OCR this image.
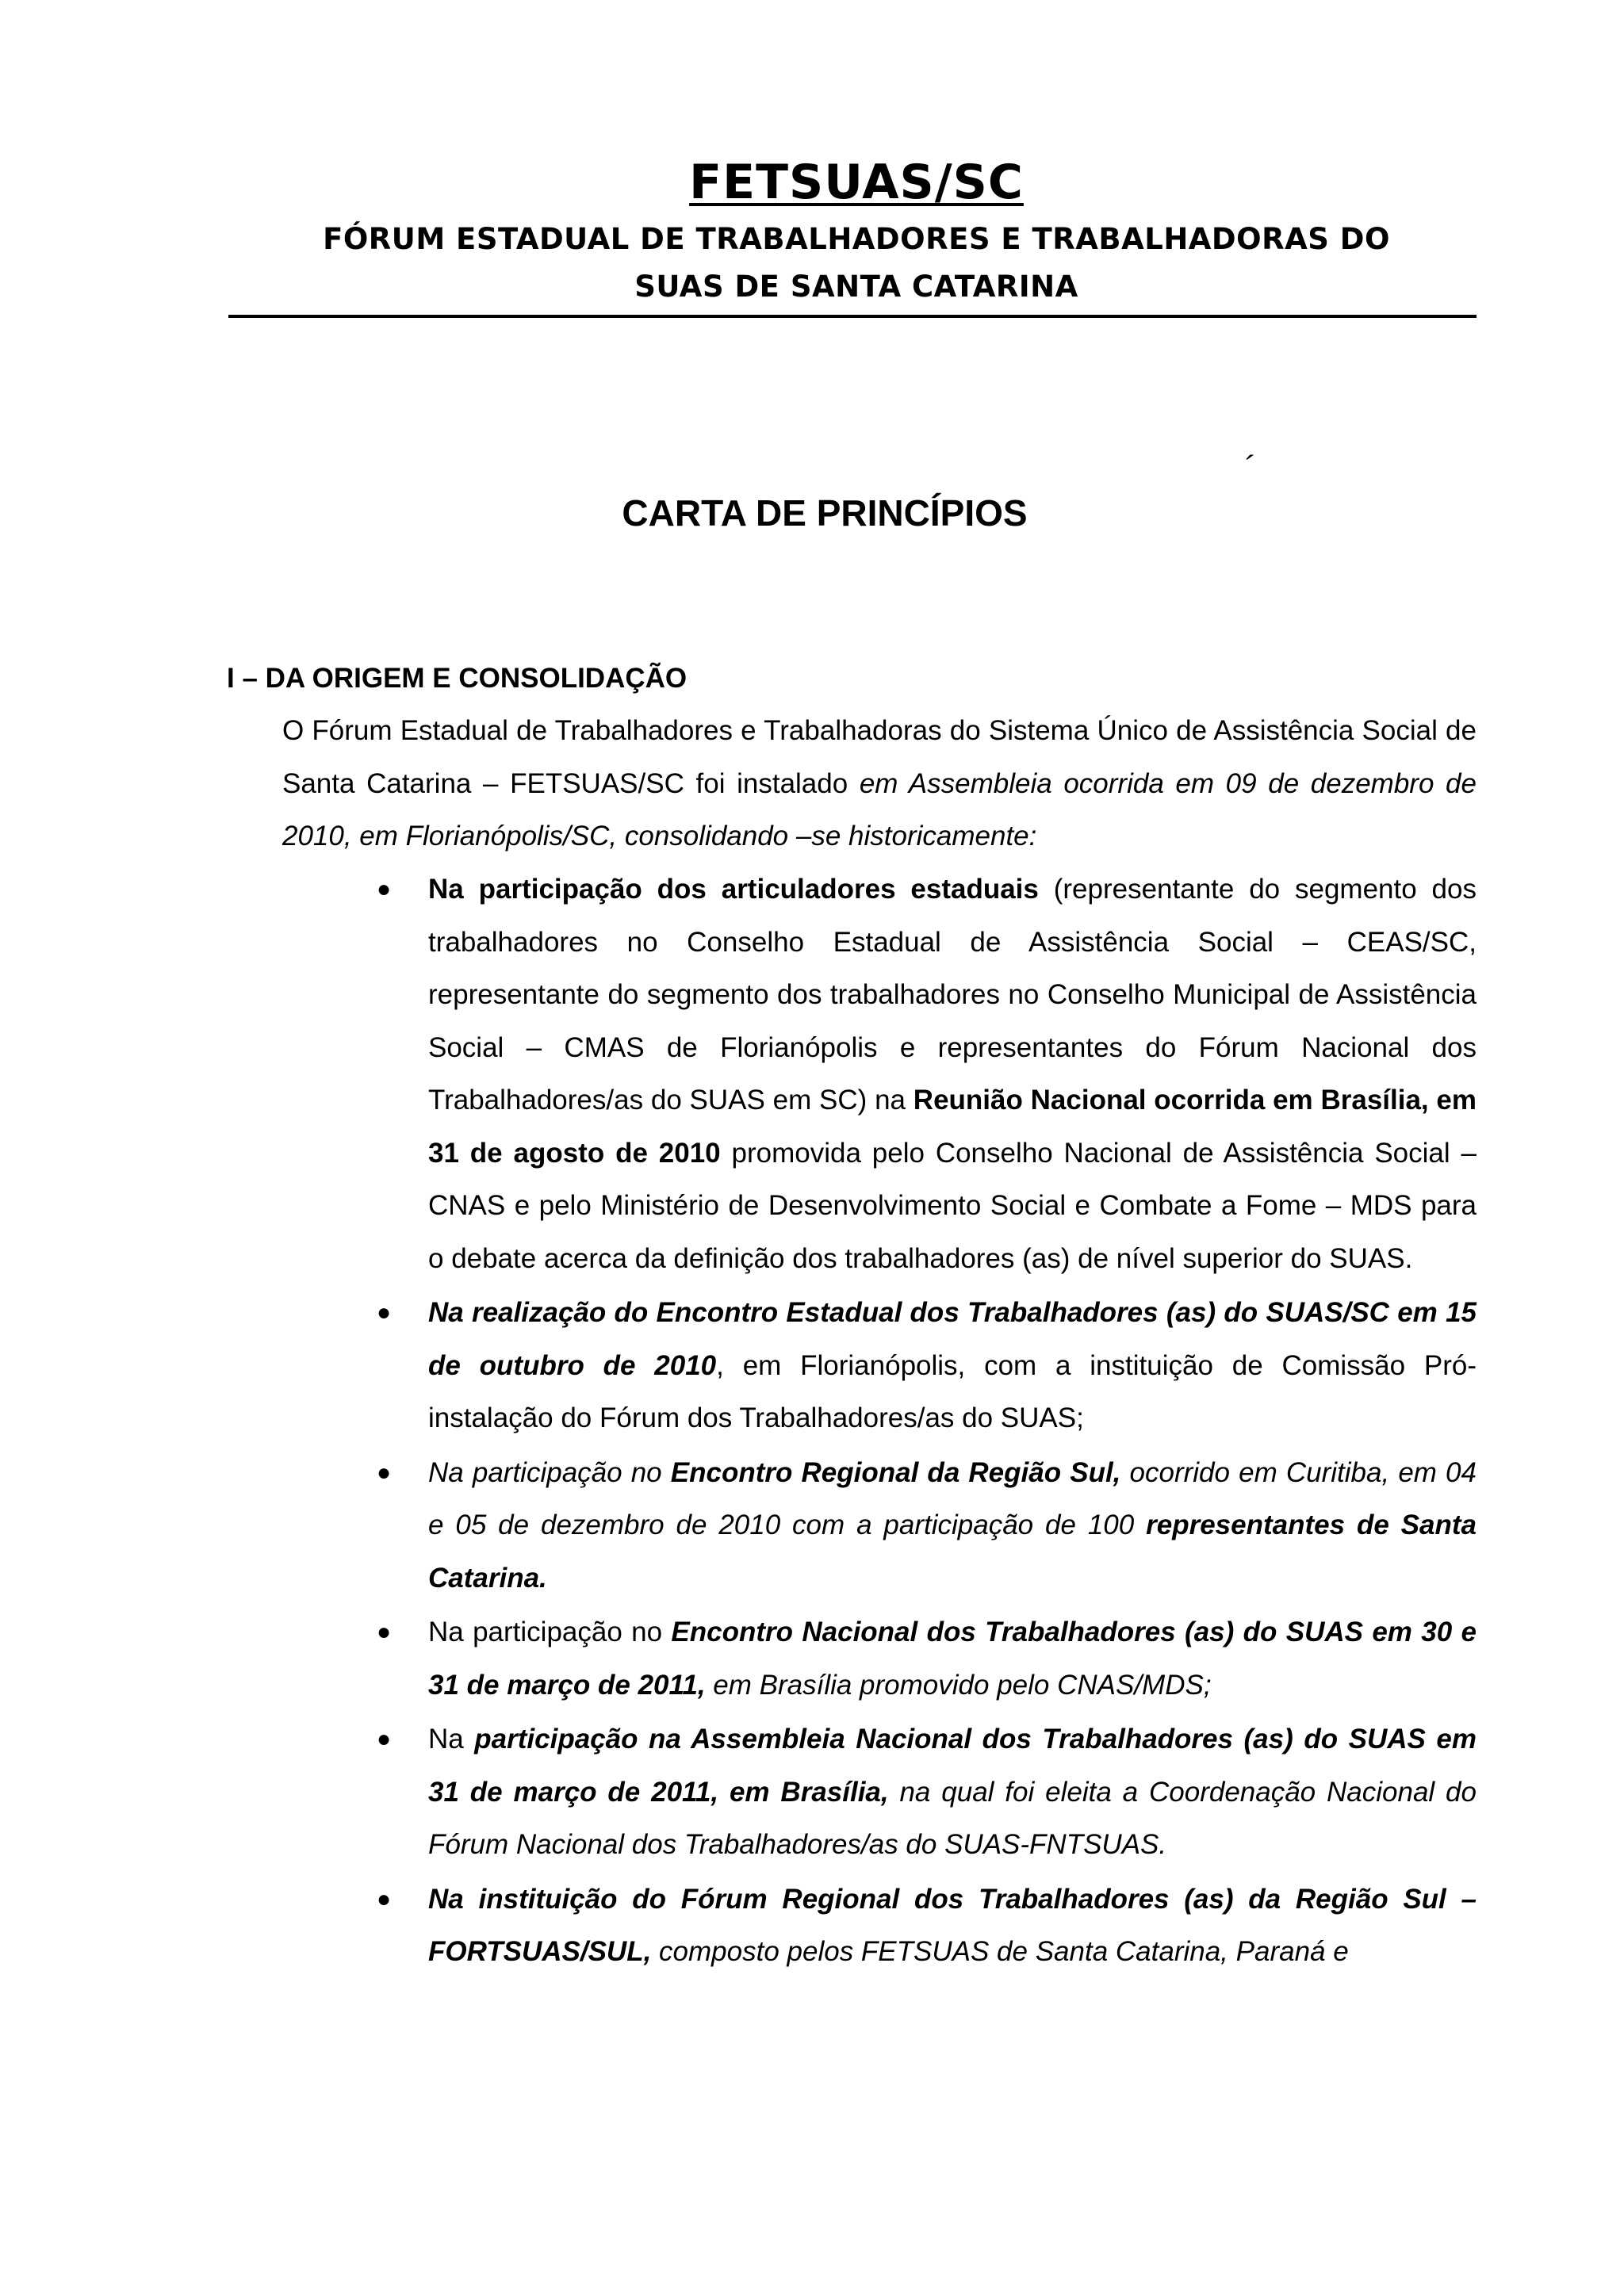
FETSUAS/SC
FÓRUM ESTADUAL DE TRABALHADORES E TRABALHADORAS DO
SUAS DE SANTA CATARINA
´
CARTA DE PRINCÍPIOS
I – DA ORIGEM E CONSOLIDAÇÃO

O Fórum Estadual de Trabalhadores e Trabalhadoras do Sistema Único de Assistência Social de Santa Catarina – FETSUAS/SC foi instalado em Assembleia ocorrida em 09 de dezembro de 2010, em Florianópolis/SC, consolidando –se historicamente:

● Na participação dos articuladores estaduais (representante do segmento dos trabalhadores no Conselho Estadual de Assistência Social – CEAS/SC, representante do segmento dos trabalhadores no Conselho Municipal de Assistência Social – CMAS de Florianópolis e representantes do Fórum Nacional dos Trabalhadores/as do SUAS em SC) na Reunião Nacional ocorrida em Brasília, em 31 de agosto de 2010 promovida pelo Conselho Nacional de Assistência Social – CNAS e pelo Ministério de Desenvolvimento Social e Combate a Fome – MDS para o debate acerca da definição dos trabalhadores (as) de nível superior do SUAS.
● Na realização do Encontro Estadual dos Trabalhadores (as) do SUAS/SC em 15 de outubro de 2010, em Florianópolis, com a instituição de Comissão Pró-instalação do Fórum dos Trabalhadores/as do SUAS;
● Na participação no Encontro Regional da Região Sul, ocorrido em Curitiba, em 04 e 05 de dezembro de 2010 com a participação de 100 representantes de Santa Catarina.
● Na participação no Encontro Nacional dos Trabalhadores (as) do SUAS em 30 e 31 de março de 2011, em Brasília promovido pelo CNAS/MDS;
● Na participação na Assembleia Nacional dos Trabalhadores (as) do SUAS em 31 de março de 2011, em Brasília, na qual foi eleita a Coordenação Nacional do Fórum Nacional dos Trabalhadores/as do SUAS-FNTSUAS.
● Na instituição do Fórum Regional dos Trabalhadores (as) da Região Sul – FORTSUAS/SUL, composto pelos FETSUAS de Santa Catarina, Paraná e
